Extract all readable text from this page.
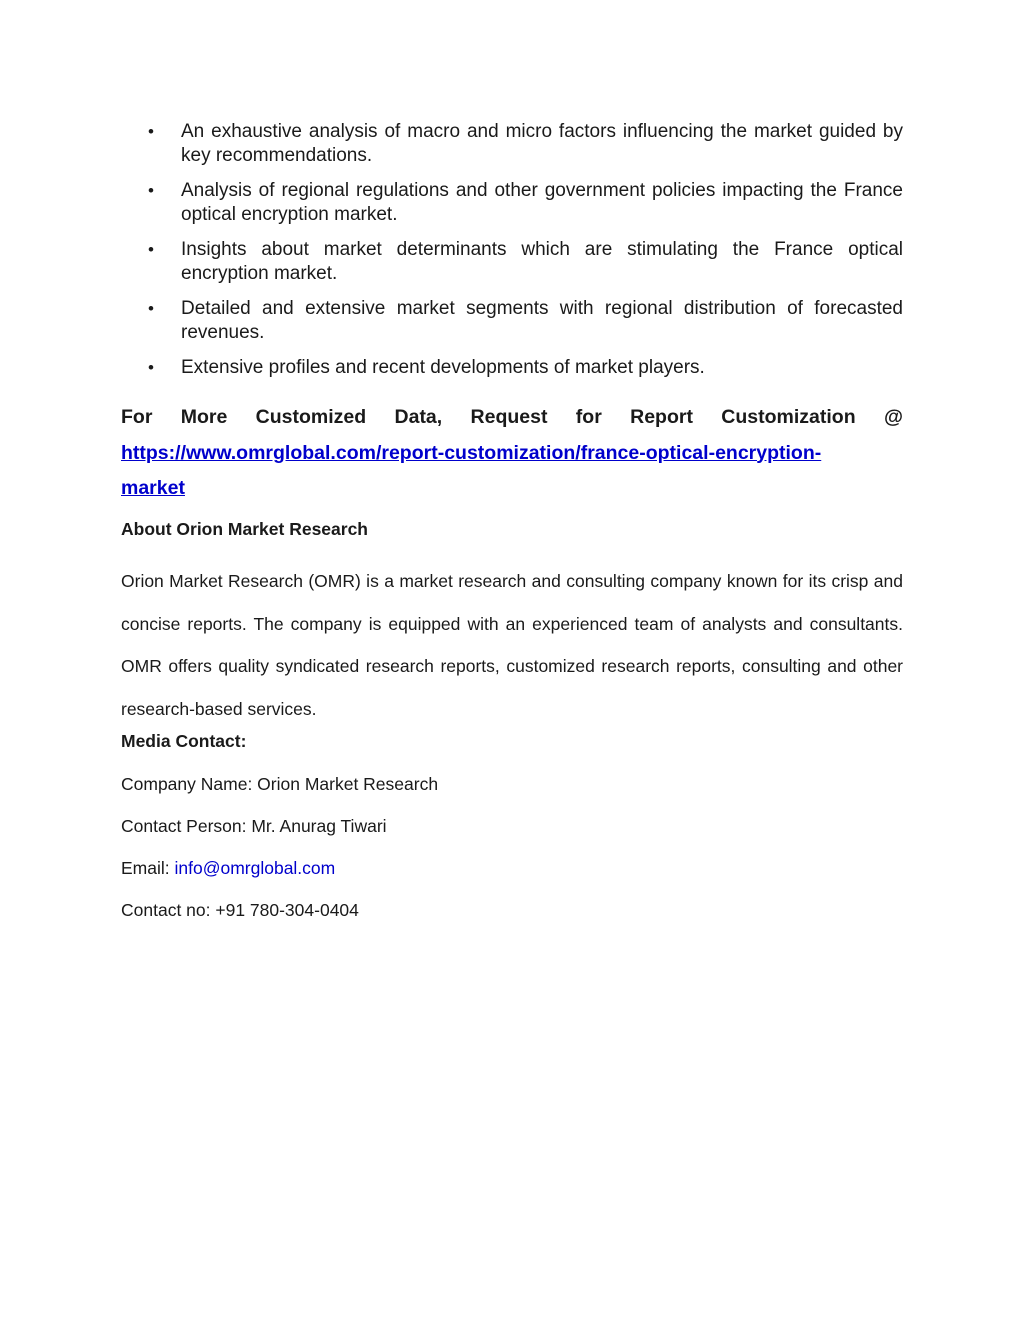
• An exhaustive analysis of macro and micro factors influencing the market guided by key recommendations.
• Analysis of regional regulations and other government policies impacting the France optical encryption market.
• Insights about market determinants which are stimulating the France optical encryption market.
• Detailed and extensive market segments with regional distribution of forecasted revenues.
• Extensive profiles and recent developments of market players.
For More Customized Data, Request for Report Customization @
https://www.omrglobal.com/report-customization/france-optical-encryption-
market
About Orion Market Research
Orion Market Research (OMR) is a market research and consulting company known for its crisp and concise reports. The company is equipped with an experienced team of analysts and consultants. OMR offers quality syndicated research reports, customized research reports, consulting and other research-based services.
Media Contact:
Company Name: Orion Market Research
Contact Person: Mr. Anurag Tiwari
Email: info@omrglobal.com
Contact no: +91 780-304-0404
